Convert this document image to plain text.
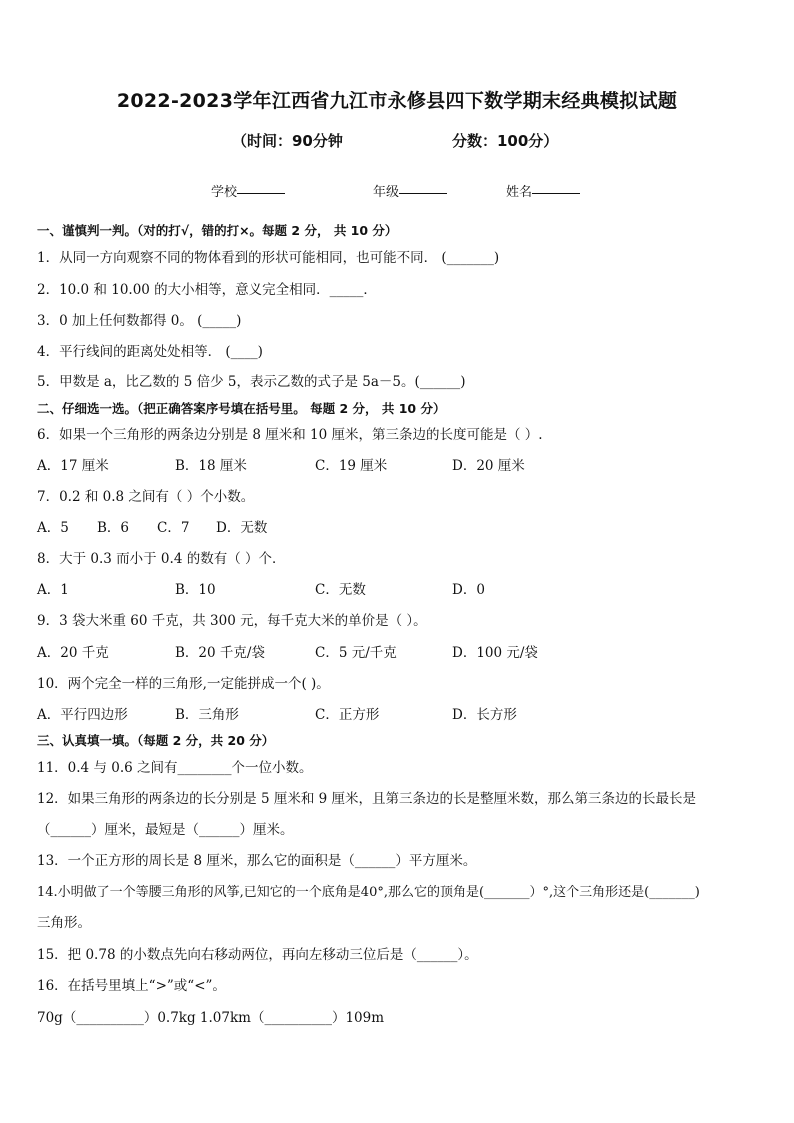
2022-2023学年江西省九江市永修县四下数学期末经典模拟试题
（时间：90分钟	分数：100分）
学校	年级	姓名
一、谨慎判一判。（对的打√，错的打×。每题 2 分， 共 10 分）
1．从同一方向观察不同的物体看到的形状可能相同，也可能不同． (_______)
2．10.0 和 10.00 的大小相等，意义完全相同．_____．
3．0 加上任何数都得 0。 (_____)
4．平行线间的距离处处相等． (____)
5．甲数是 a，比乙数的 5 倍少 5，表示乙数的式子是 5a－5。(______)
二、仔细选一选。（把正确答案序号填在括号里。 每题 2 分， 共 10 分）
6．如果一个三角形的两条边分别是 8 厘米和 10 厘米，第三条边的长度可能是（ ）.
A．17 厘米	B．18 厘米	C．19 厘米	D．20 厘米
7．0.2 和 0.8 之间有（ ）个小数。
A．5 B．6 C．7 D．无数
8．大于 0.3 而小于 0.4 的数有（ ）个．
A．1	B．10	C．无数	D．0
9．3 袋大米重 60 千克，共 300 元，每千克大米的单价是（ ）。
A．20 千克	B．20 千克/袋	C．5 元/千克	D．100 元/袋
10．两个完全一样的三角形,一定能拼成一个( )。
A．平行四边形	B．三角形	C．正方形	D．长方形
三、认真填一填。（每题 2 分，共 20 分）
11．0.4 与 0.6 之间有________个一位小数。
12．如果三角形的两条边的长分别是 5 厘米和 9 厘米，且第三条边的长是整厘米数，那么第三条边的长最长是
（______）厘米，最短是（______）厘米。
13．一个正方形的周长是 8 厘米，那么它的面积是（______）平方厘米。
14.小明做了一个等腰三角形的风筝,已知它的一个底角是40°,那么它的顶角是(_______）°,这个三角形还是(_______)
三角形。
15．把 0.78 的小数点先向右移动两位，再向左移动三位后是（______）。
16．在括号里填上“>”或“<”。
70g（__________）0.7kg 1.07km（__________）109m
